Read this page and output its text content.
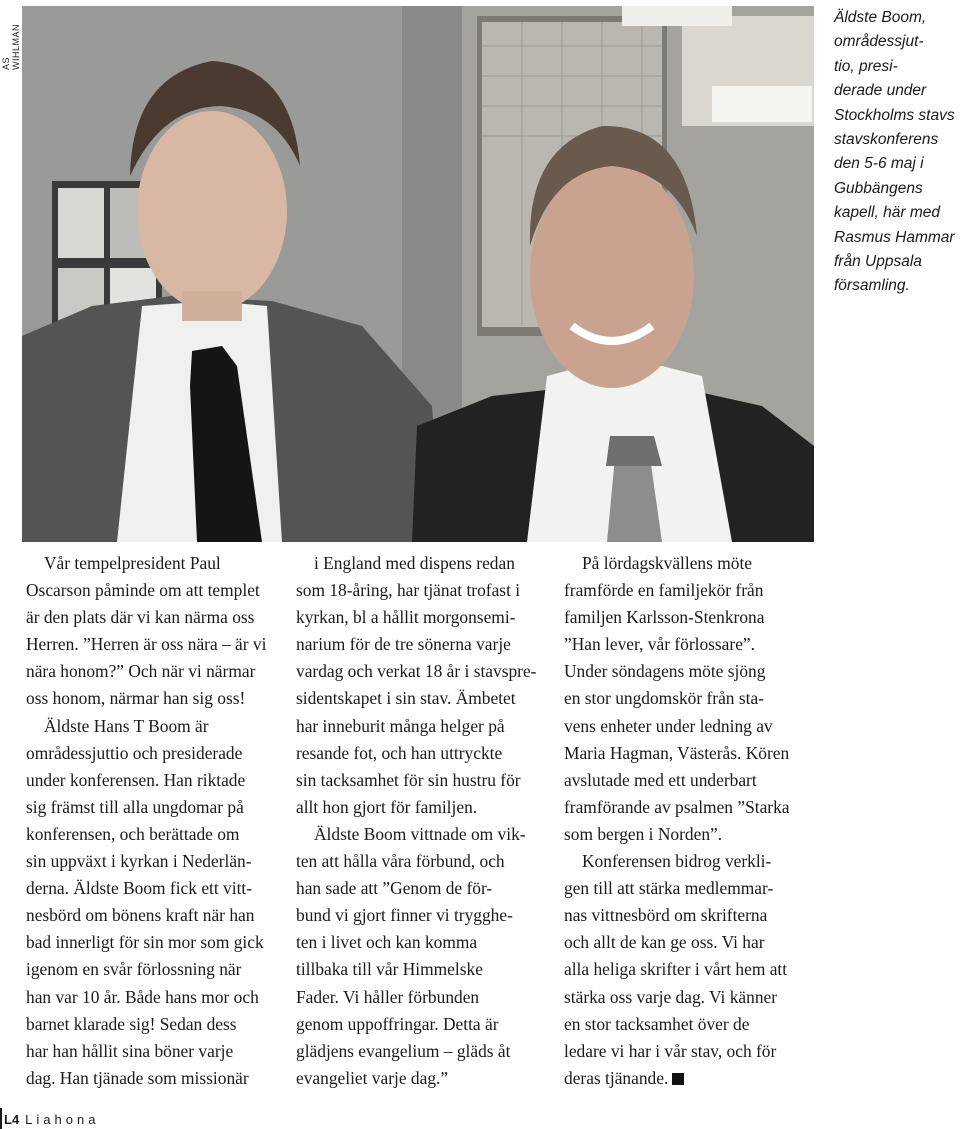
AS WIHLMAN
Äldste Boom,
områdessjut-
tio, presi-
derade under
Stockholms stavs
stavskonferens
den 5-6 maj i
Gubbängens
kapell, här med
Rasmus Hammar
från Uppsala
församling.

Vår tempelpresident Paul
Oscarson påminde om att templet
är den plats där vi kan närma oss
Herren. ”Herren är oss nära – är vi
nära honom?” Och när vi närmar
oss honom, närmar han sig oss!

Äldste Hans T Boom är
områdessjuttio och presiderade
under konferensen. Han riktade
sig främst till alla ungdomar på
konferensen, och berättade om
sin uppväxt i kyrkan i Nederlän-
derna. Äldste Boom fick ett vitt-
nesbörd om bönens kraft när han
bad innerligt för sin mor som gick
igenom en svår förlossning när
han var 10 år. Både hans mor och
barnet klarade sig! Sedan dess
har han hållit sina böner varje
dag. Han tjänade som missionär

i England med dispens redan
som 18-åring, har tjänat trofast i
kyrkan, bl a hållit morgonsemi-
narium för de tre sönerna varje
vardag och verkat 18 år i stavspre-
sidentskapet i sin stav. Ämbetet
har inneburit många helger på
resande fot, och han uttryckte
sin tacksamhet för sin hustru för
allt hon gjort för familjen.

Äldste Boom vittnade om vik-
ten att hålla våra förbund, och
han sade att ”Genom de för-
bund vi gjort finner vi trygghe-
ten i livet och kan komma
tillbaka till vår Himmelske
Fader. Vi håller förbunden
genom uppoffringar. Detta är
glädjens evangelium – gläds åt
evangeliet varje dag.”

På lördagskvällens möte
framförde en familjekör från
familjen Karlsson-Stenkrona
”Han lever, vår förlossare”.
Under söndagens möte sjöng
en stor ungdomskör från sta-
vens enheter under ledning av
Maria Hagman, Västerås. Kören
avslutade med ett underbart
framförande av psalmen ”Starka
som bergen i Norden”.

Konferensen bidrog verkli-
gen till att stärka medlemmar-
nas vittnesbörd om skrifterna
och allt de kan ge oss. Vi har
alla heliga skrifter i vårt hem att
stärka oss varje dag. Vi känner
en stor tacksamhet över de
ledare vi har i vår stav, och för
deras tjänande.

L4 Liahona
